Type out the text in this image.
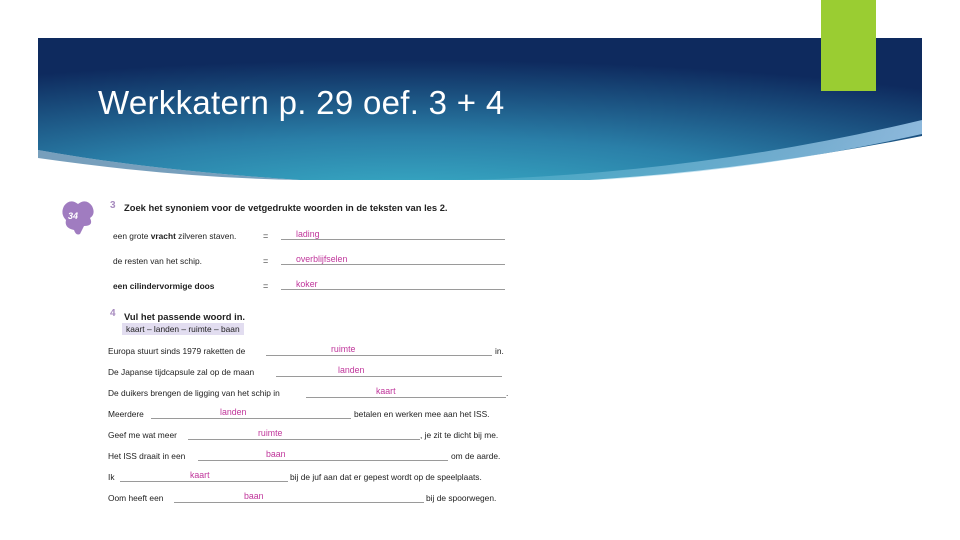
Werkkatern p. 29 oef. 3 + 4
34
3 Zoek het synoniem voor de vetgedrukte woorden in de teksten van les 2.
een grote vracht zilveren staven.	=	lading
de resten van het schip.	=	overblijfselen
een cilindervormige doos	=	koker
4 Vul het passende woord in.
kaart – landen – ruimte – baan
Europa stuurt sinds 1979 raketten de	ruimte	in.
De Japanse tijdcapsule zal op de maan	landen
De duikers brengen de ligging van het schip in	kaart	.
Meerdere	landen	betalen en werken mee aan het ISS.
Geef me wat meer	ruimte	, je zit te dicht bij me.
Het ISS draait in een	baan	om de aarde.
Ik	kaart	bij de juf aan dat er gepest wordt op de speelplaats.
Oom heeft een	baan	bij de spoorwegen.
